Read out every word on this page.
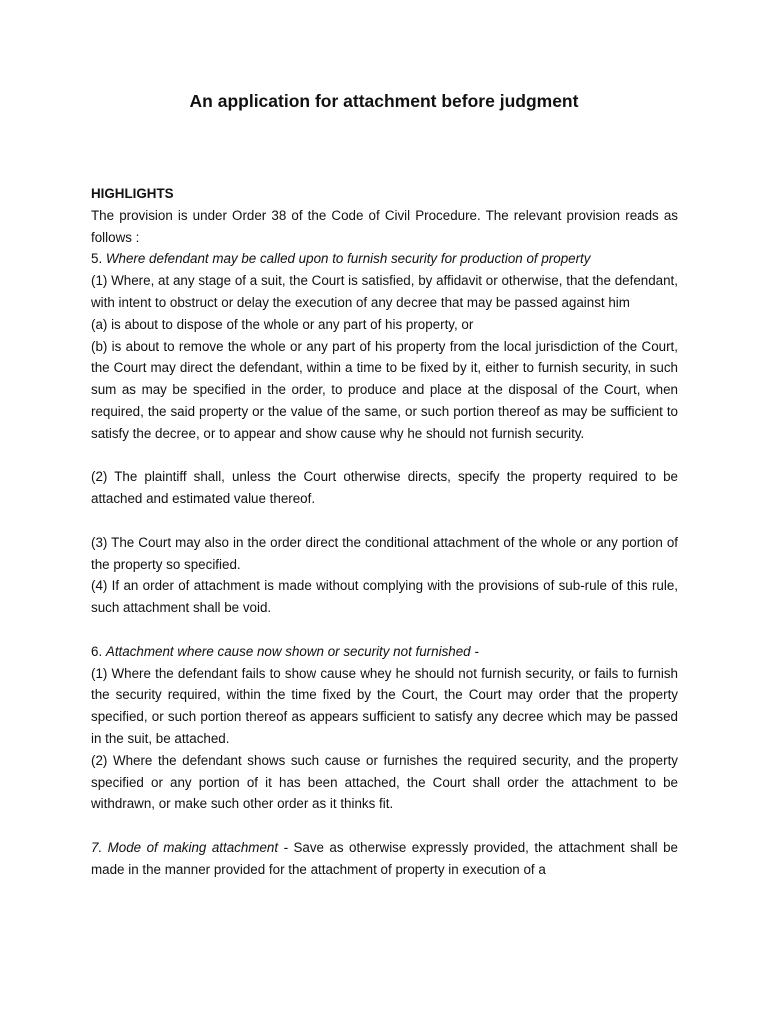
An application for attachment before judgment

HIGHLIGHTS

The provision is under Order 38 of the Code of Civil Procedure. The relevant provision reads as follows :

5. Where defendant may be called upon to furnish security for production of property

(1) Where, at any stage of a suit, the Court is satisfied, by affidavit or otherwise, that the defendant, with intent to obstruct or delay the execution of any decree that may be passed against him

(a) is about to dispose of the whole or any part of his property, or

(b) is about to remove the whole or any part of his property from the local jurisdiction of the Court, the Court may direct the defendant, within a time to be fixed by it, either to furnish security, in such sum as may be specified in the order, to produce and place at the disposal of the Court, when required, the said property or the value of the same, or such portion thereof as may be sufficient to satisfy the decree, or to appear and show cause why he should not furnish security.

(2) The plaintiff shall, unless the Court otherwise directs, specify the property required to be attached and estimated value thereof.

(3) The Court may also in the order direct the conditional attachment of the whole or any portion of the property so specified.

(4) If an order of attachment is made without complying with the provisions of sub-rule of this rule, such attachment shall be void.

6. Attachment where cause now shown or security not furnished -

(1) Where the defendant fails to show cause whey he should not furnish security, or fails to furnish the security required, within the time fixed by the Court, the Court may order that the property specified, or such portion thereof as appears sufficient to satisfy any decree which may be passed in the suit, be attached.

(2) Where the defendant shows such cause or furnishes the required security, and the property specified or any portion of it has been attached, the Court shall order the attachment to be withdrawn, or make such other order as it thinks fit.

7. Mode of making attachment - Save as otherwise expressly provided, the attachment shall be made in the manner provided for the attachment of property in execution of a
